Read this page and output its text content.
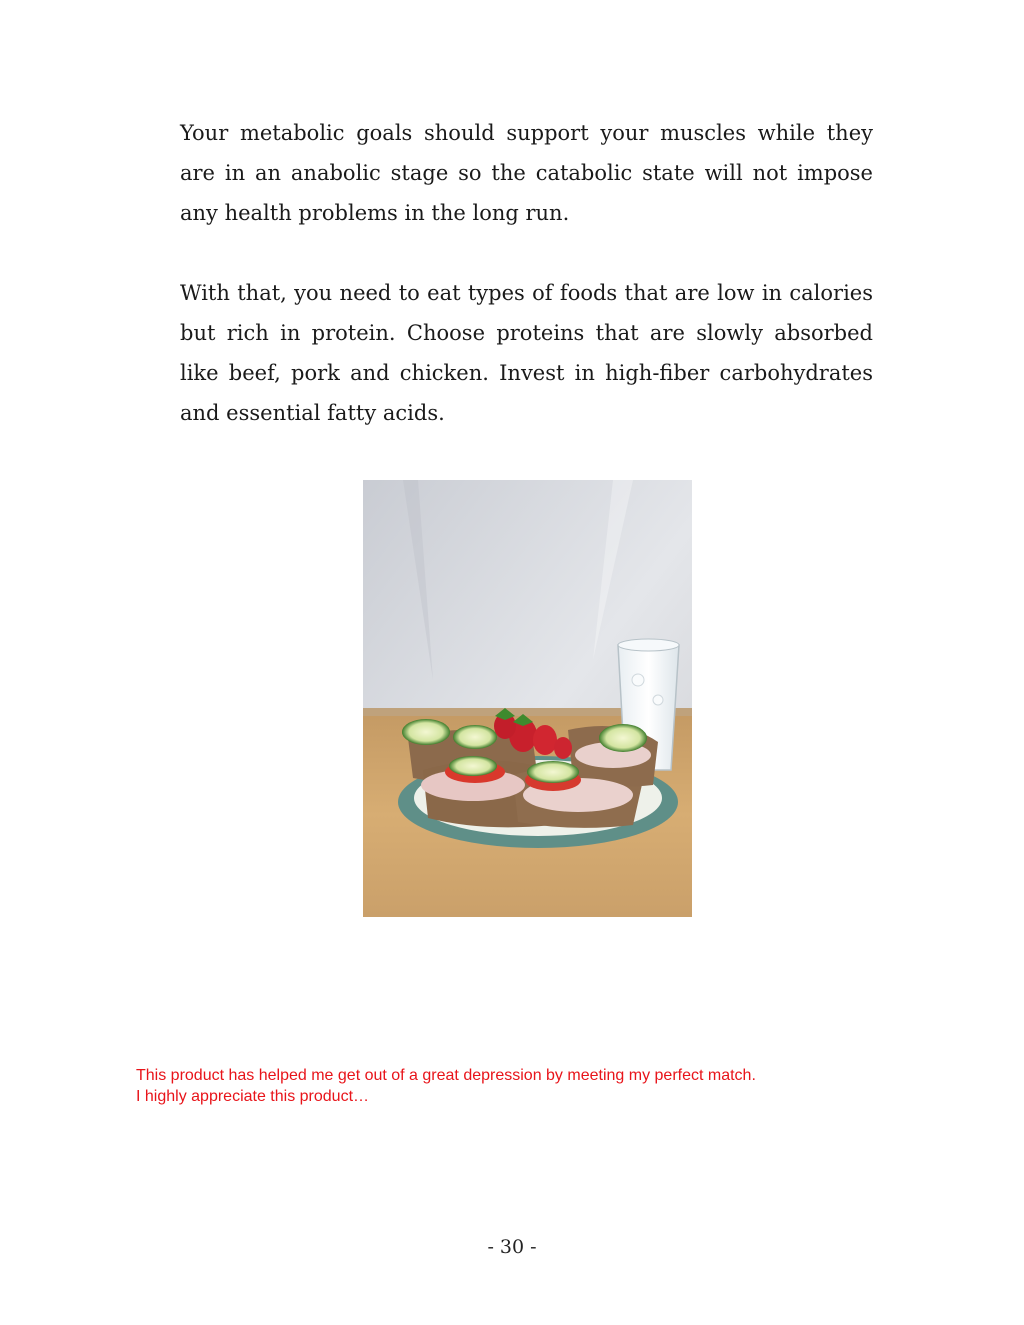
Your metabolic goals should support your muscles while they are in an anabolic stage so the catabolic state will not impose any health problems in the long run.

With that, you need to eat types of foods that are low in calories but rich in protein. Choose proteins that are slowly absorbed like beef, pork and chicken. Invest in high-fiber carbohydrates and essential fatty acids.

This product has helped me get out of a great depression by meeting my perfect match.
I highly appreciate this product…

- 30 -
